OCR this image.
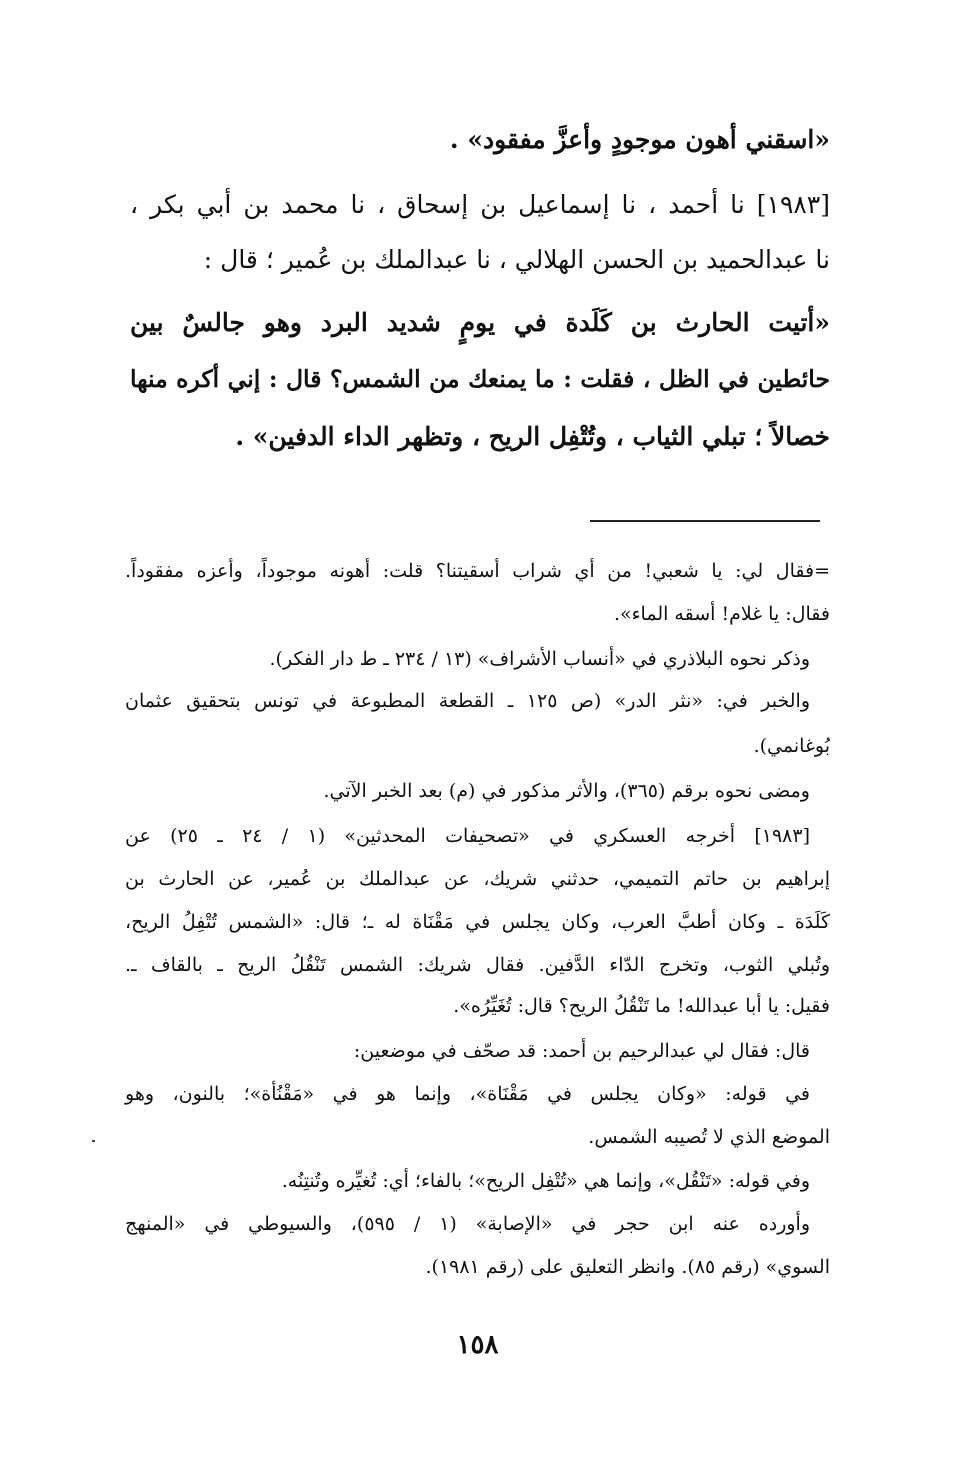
«اسقني أهون موجودٍ وأعزَّ مفقود» .
[١٩٨٣] نا أحمد ، نا إسماعيل بن إسحاق ، نا محمد بن أبي بكر ،
نا عبدالحميد بن الحسن الهلالي ، نا عبدالملك بن عُمير ؛ قال :
«أتيت الحارث بن كَلَدة في يومٍ شديد البرد وهو جالسٌ بين
حائطين في الظل ، فقلت : ما يمنعك من الشمس؟ قال : إني أكره منها
خصالاً ؛ تبلي الثياب ، وتُتْفِل الريح ، وتظهر الداء الدفين» .
=فقال لي: يا شعبي! من أي شراب أسقيتنا؟ قلت: أهونه موجوداً، وأعزه مفقوداً.
فقال: يا غلام! أسقه الماء».
وذكر نحوه البلاذري في «أنساب الأشراف» (١٣ / ٢٣٤ ـ ط دار الفكر).
والخبر في: «نثر الدر» (ص ١٢٥ ـ القطعة المطبوعة في تونس بتحقيق عثمان
بُوغانمي).
ومضى نحوه برقم (٣٦٥)، والأثر مذكور في (م) بعد الخبر الآتي.
[١٩٨٣] أخرجه العسكري في «تصحيفات المحدثين» (١ / ٢٤ ـ ٢٥) عن
إبراهيم بن حاتم التميمي، حدثني شريك، عن عبدالملك بن عُمير، عن الحارث بن
كَلَدَة ـ وكان أطبَّ العرب، وكان يجلس في مَقْنَاة له ـ؛ قال: «الشمس تُتْفِلُ الريح،
وتُبلي الثوب، وتخرج الدّاء الدَّفين. فقال شريك: الشمس تَنْقُلُ الريح ـ بالقاف ـ.
فقيل: يا أبا عبدالله! ما تَنْقُلُ الريح؟ قال: تُغَيِّرُه».
قال: فقال لي عبدالرحيم بن أحمد: قد صحّف في موضعين:
في قوله: «وكان يجلس في مَقْنَاة»، وإنما هو في «مَقْنُأة»؛ بالنون، وهو
الموضع الذي لا تُصيبه الشمس.
وفي قوله: «تَنْقُل»، وإنما هي «تُتْفِل الريح»؛ بالفاء؛ أي: تُغيِّره وتُنتِنُه.
وأورده عنه ابن حجر في «الإصابة» (١ / ٥٩٥)، والسيوطي في «المنهج
السوي» (رقم ٨٥). وانظر التعليق على (رقم ١٩٨١).
١٥٨
